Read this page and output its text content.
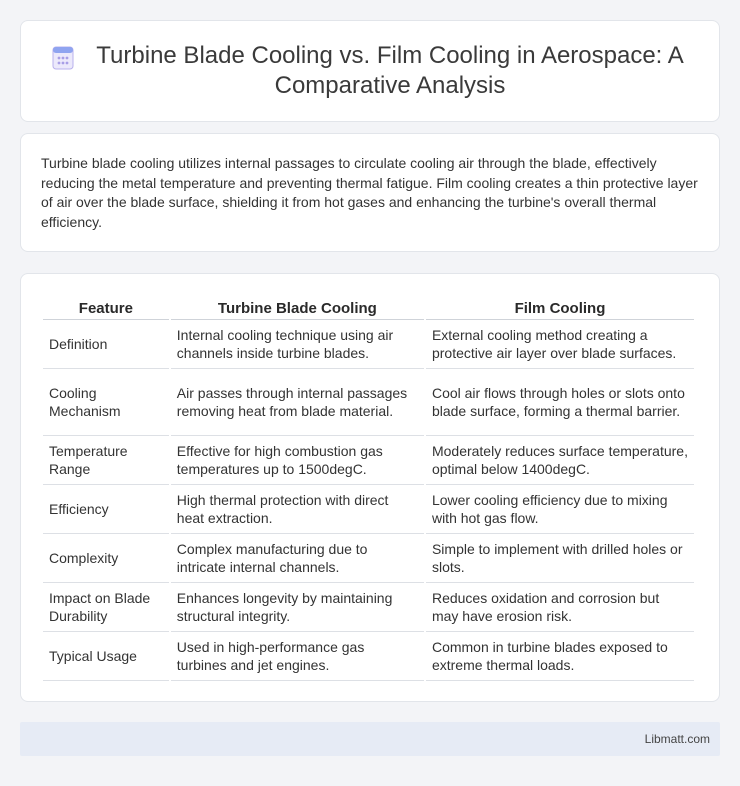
Turbine Blade Cooling vs. Film Cooling in Aerospace: A Comparative Analysis

Turbine blade cooling utilizes internal passages to circulate cooling air through the blade, effectively reducing the metal temperature and preventing thermal fatigue. Film cooling creates a thin protective layer of air over the blade surface, shielding it from hot gases and enhancing the turbine's overall thermal efficiency.

Feature	Turbine Blade Cooling	Film Cooling
Definition	Internal cooling technique using air channels inside turbine blades.	External cooling method creating a protective air layer over blade surfaces.
Cooling Mechanism	Air passes through internal passages removing heat from blade material.	Cool air flows through holes or slots onto blade surface, forming a thermal barrier.
Temperature Range	Effective for high combustion gas temperatures up to 1500degC.	Moderately reduces surface temperature, optimal below 1400degC.
Efficiency	High thermal protection with direct heat extraction.	Lower cooling efficiency due to mixing with hot gas flow.
Complexity	Complex manufacturing due to intricate internal channels.	Simple to implement with drilled holes or slots.
Impact on Blade Durability	Enhances longevity by maintaining structural integrity.	Reduces oxidation and corrosion but may have erosion risk.
Typical Usage	Used in high-performance gas turbines and jet engines.	Common in turbine blades exposed to extreme thermal loads.
Libmatt.com
